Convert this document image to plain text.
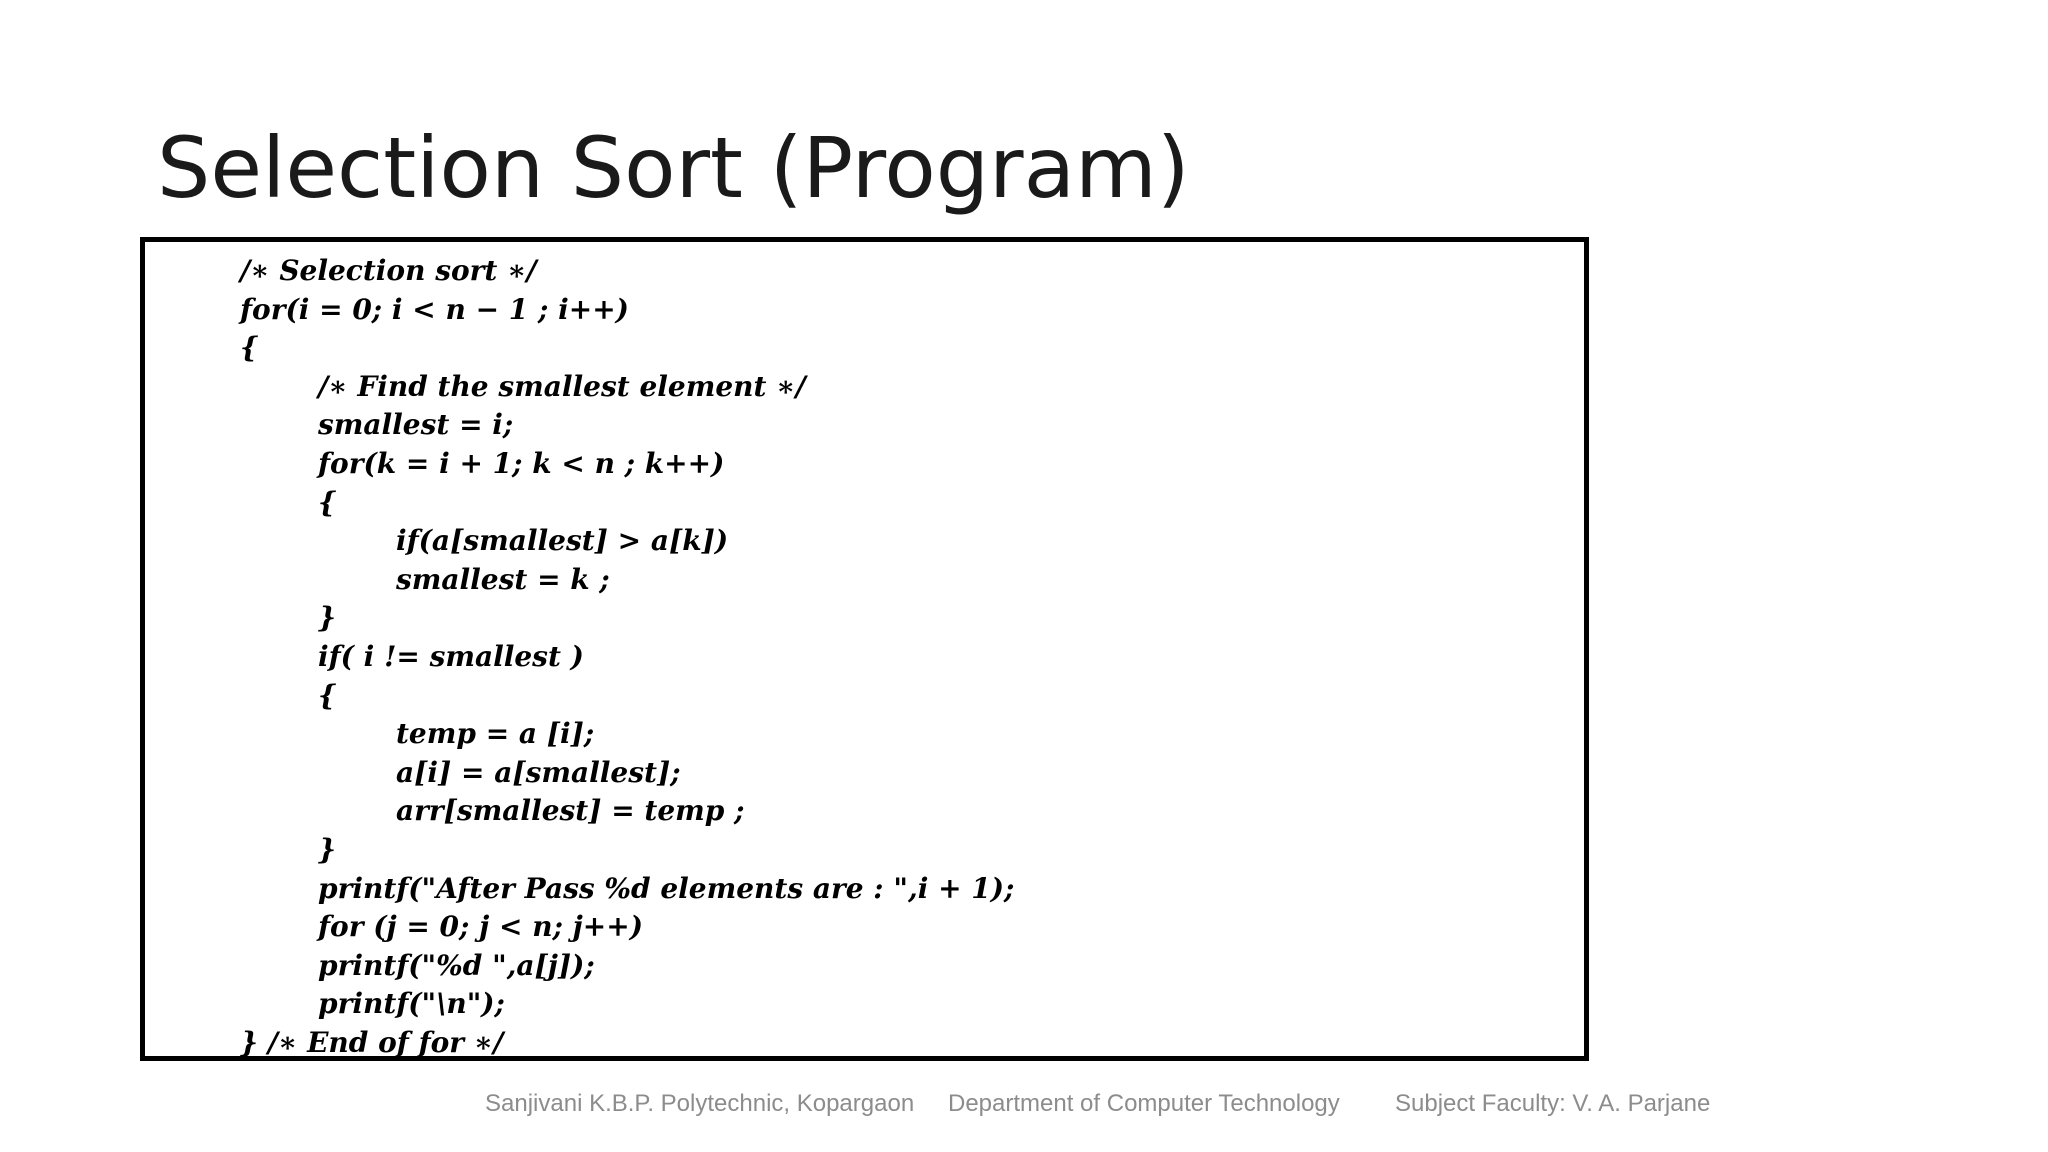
Selection Sort (Program)
/∗ Selection sort ∗/
for(i = 0; i < n − 1 ; i++)
{
/∗ Find the smallest element ∗/
smallest = i;
for(k = i + 1; k < n ; k++)
{
if(a[smallest] > a[k])
smallest = k ;
}
if( i != smallest )
{
temp = a [i];
a[i] = a[smallest];
arr[smallest] = temp ;
}
printf("After Pass %d elements are : ",i + 1);
for (j = 0; j < n; j++)
printf("%d ",a[j]);
printf("\n");
} /∗ End of for ∗/
Sanjivani K.B.P. Polytechnic, Kopargaon Department of Computer Technology Subject Faculty: V. A. Parjane
